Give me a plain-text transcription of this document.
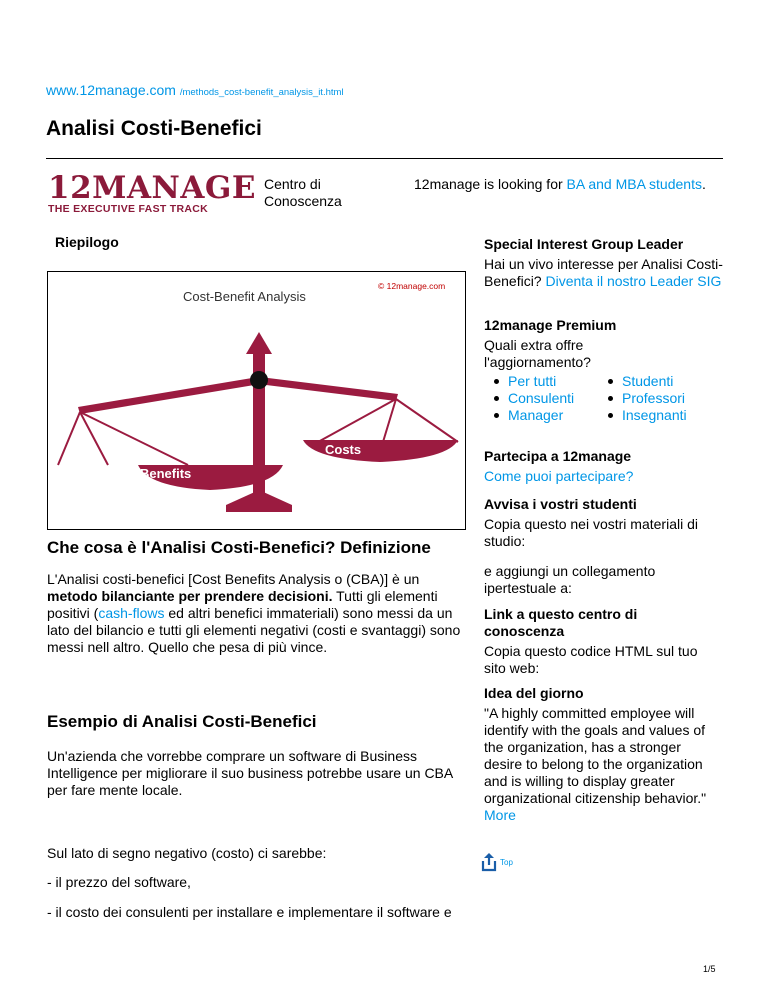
www.12manage.com /methods_cost-benefit_analysis_it.html
Analisi Costi-Benefici
12MANAGE
THE EXECUTIVE FAST TRACK
Centro di Conoscenza
12manage is looking for BA and MBA students.
Riepilogo
Cost-Benefit Analysis
© 12manage.com
Benefits
Costs
Che cosa è l'Analisi Costi-Benefici? Definizione

L'Analisi costi-benefici [Cost Benefits Analysis o (CBA)] è un metodo bilanciante per prendere decisioni. Tutti gli elementi positivi (cash-flows ed altri benefici immateriali) sono messi da un lato del bilancio e tutti gli elementi negativi (costi e svantaggi) sono messi nell altro. Quello che pesa di più vince.

Esempio di Analisi Costi-Benefici

Un'azienda che vorrebbe comprare un software di Business Intelligence per migliorare il suo business potrebbe usare un CBA per fare mente locale.

Sul lato di segno negativo (costo) ci sarebbe:

- il prezzo del software,

- il costo dei consulenti per installare e implementare il software e

Special Interest Group Leader
Hai un vivo interesse per Analisi Costi-Benefici? Diventa il nostro Leader SIG
12manage Premium
Quali extra offre l'aggiornamento?
Per tutti	Studenti
Consulenti	Professori
Manager	Insegnanti
Partecipa a 12manage
Come puoi partecipare?
Avvisa i vostri studenti
Copia questo nei vostri materiali di studio:
e aggiungi un collegamento ipertestuale a:
Link a questo centro di conoscenza
Copia questo codice HTML sul tuo sito web:
Idea del giorno
"A highly committed employee will identify with the goals and values of the organization, has a stronger desire to belong to the organization and is willing to display greater organizational citizenship behavior." More
Top
1/5
